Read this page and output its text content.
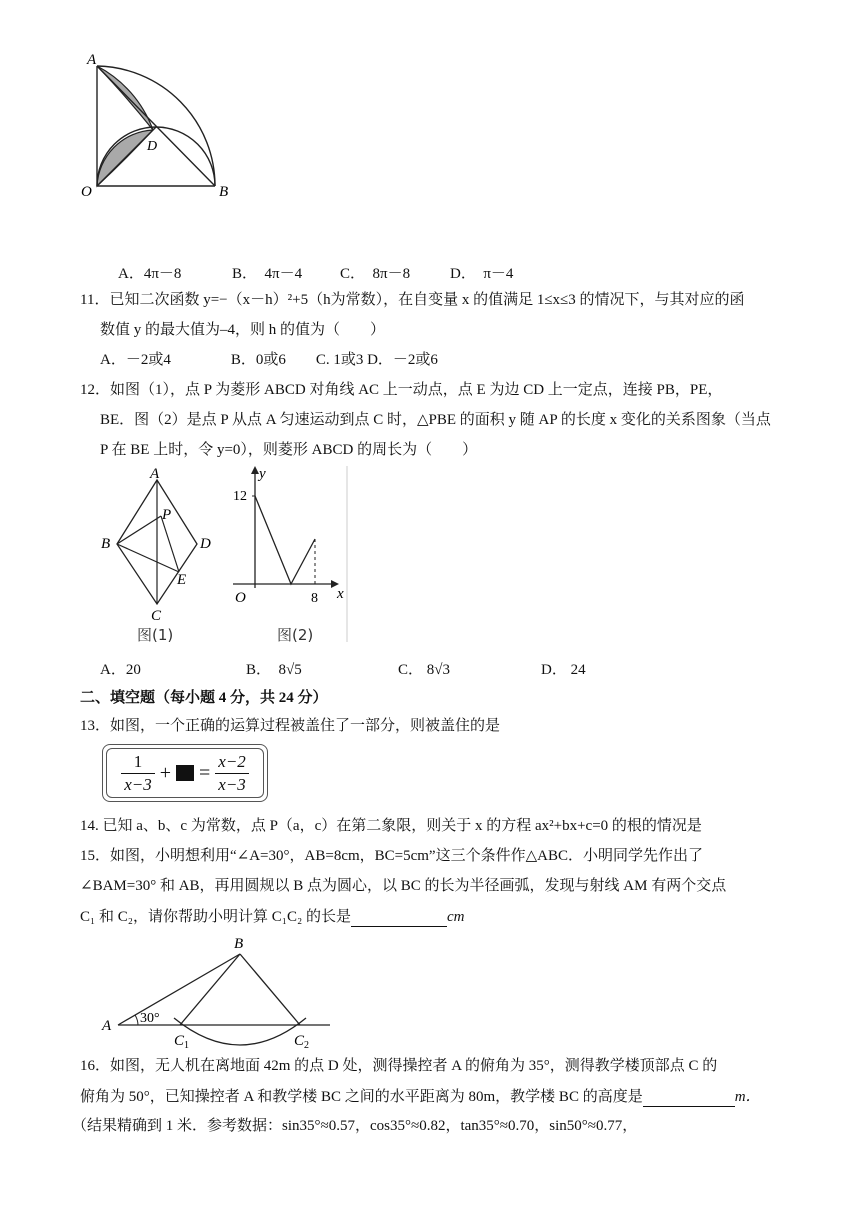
A
O	B
D
A．4π－8	B． 4π－4	C． 8π－8	D． π－4
11．已知二次函数 y=−（x－h）²+5（h为常数），在自变量 x 的值满足 1≤x≤3 的情况下，与其对应的函
数值 y 的最大值为–4，则 h 的值为（　　）
A．－2或4　　　　B．0或6　　C. 1或3 D．－2或6
12．如图（1），点 P 为菱形 ABCD 对角线 AC 上一动点，点 E 为边 CD 上一定点，连接 PB，PE，
BE．图（2）是点 P 从点 A 匀速运动到点 C 时，△PBE 的面积 y 随 AP 的长度 x 变化的关系图象（当点
P 在 BE 上时，令 y=0），则菱形 ABCD 的周长为（　　）
A
B
C
D
P
E
图(1)
y
x
O
12
8
图(2)
A．20	B． 8√5	C． 8√3	D． 24
二、填空题（每小题 4 分，共 24 分）
13．如图，一个正确的运算过程被盖住了一部分，则被盖住的是
$\frac{1}{x-3}$ + = $\frac{x-2}{x-3}$
14. 已知 a、b、c 为常数，点 P（a，c）在第二象限，则关于 x 的方程 ax²+bx+c=0 的根的情况是
15．如图，小明想利用“∠A=30°，AB=8cm，BC=5cm”这三个条件作△ABC．小明同学先作出了
∠BAM=30° 和 AB，再用圆规以 B 点为圆心，以 BC 的长为半径画弧，发现与射线 AM 有两个交点
C₁ 和 C₂，请你帮助小明计算 C₁C₂ 的长是	cm
30°
A
B
$C_1$	$C_2$
16．如图，无人机在离地面 42m 的点 D 处，测得操控者 A 的俯角为 35°，测得教学楼顶部点 C 的
俯角为 50°，已知操控者 A 和教学楼 BC 之间的水平距离为 80m，教学楼 BC 的高度是	m．
（结果精确到 1 米．参考数据：sin35°≈0.57，cos35°≈0.82，tan35°≈0.70，sin50°≈0.77，
